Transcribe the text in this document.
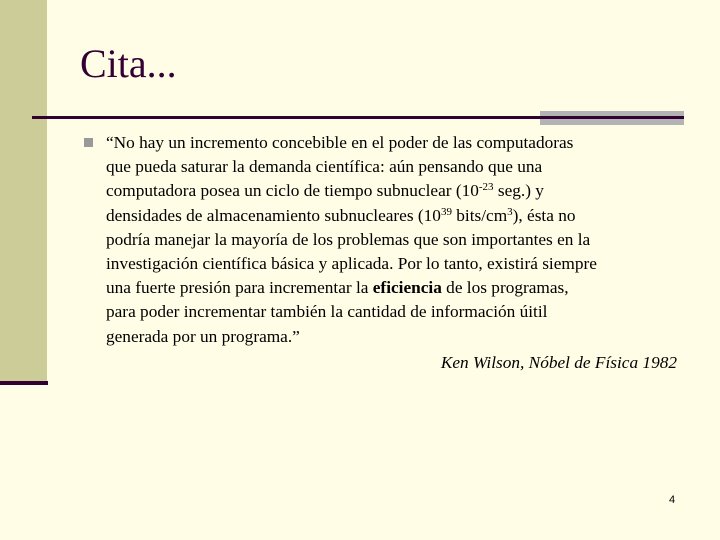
Cita...
“No hay un incremento concebible en el poder de las computadoras
que pueda saturar la demanda científica: aún pensando que una
computadora posea un ciclo de tiempo subnuclear ($10^{-23}$ seg.) y
densidades de almacenamiento subnucleares ($10^{39}$ bits/$cm^3$), ésta no
podría manejar la mayoría de los problemas que son importantes en la
investigación científica básica y aplicada. Por lo tanto, existirá siempre
una fuerte presión para incrementar la eficiencia de los programas,
para poder incrementar también la cantidad de información úitil
generada por un programa.”
Ken Wilson, Nóbel de Física 1982
4
